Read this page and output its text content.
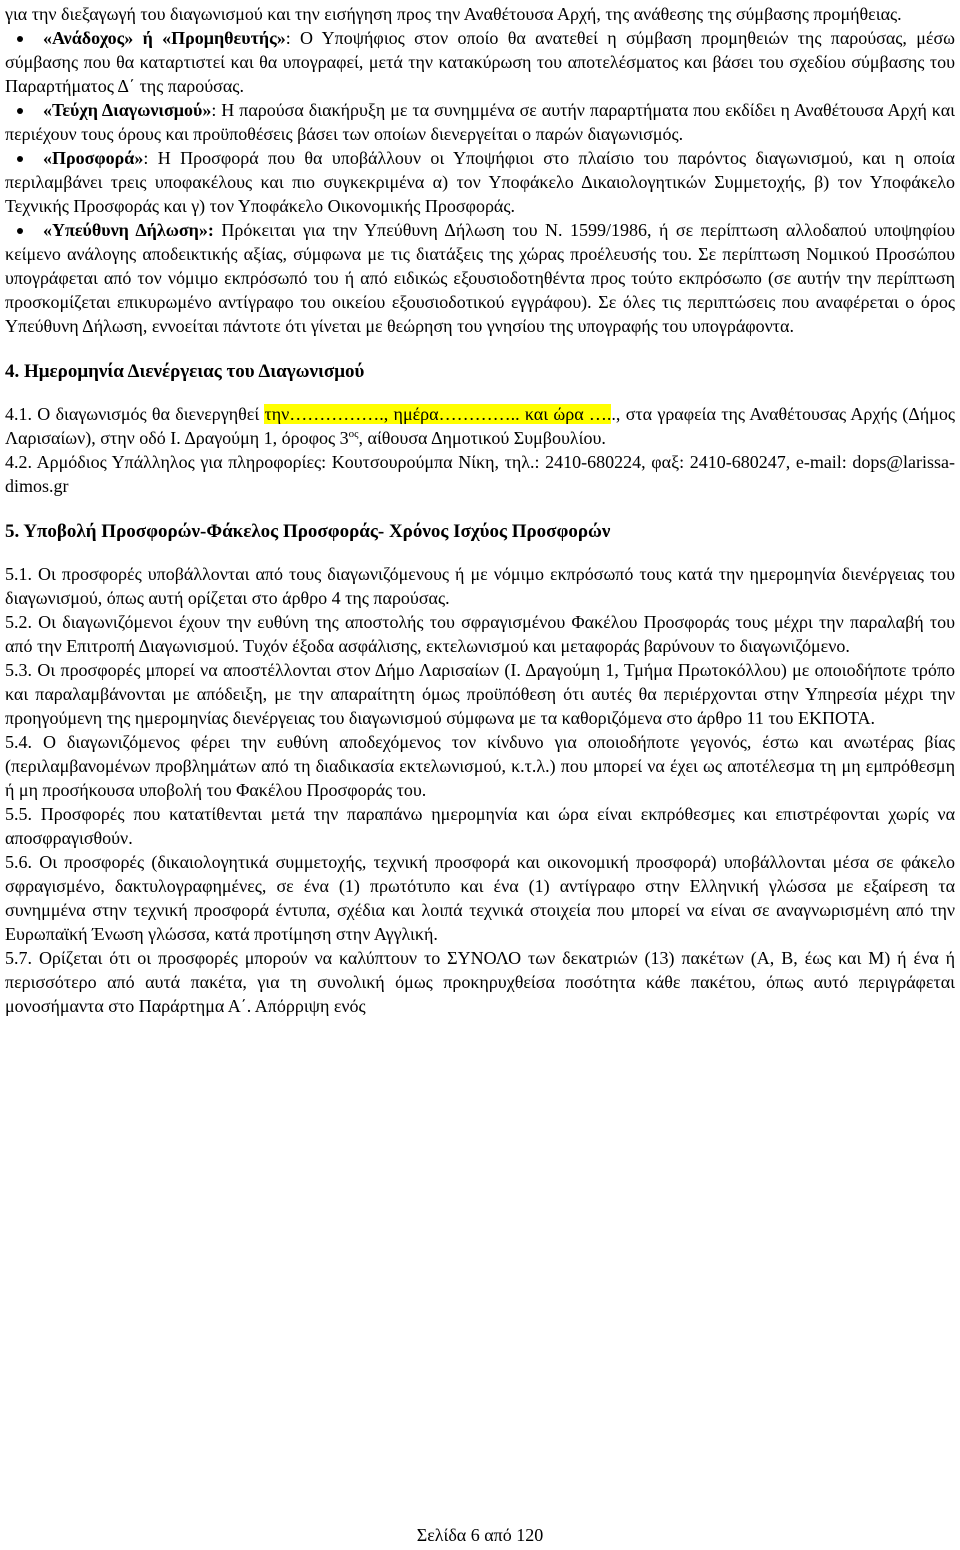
για την διεξαγωγή του διαγωνισμού και την εισήγηση προς την Αναθέτουσα Αρχή, της ανάθεσης της σύμβασης προμήθειας.

«Ανάδοχος» ή «Προμηθευτής»: Ο Υποψήφιος στον οποίο θα ανατεθεί η σύμβαση προμηθειών της παρούσας, μέσω σύμβασης που θα καταρτιστεί και θα υπογραφεί, μετά την κατακύρωση του αποτελέσματος και βάσει του σχεδίου σύμβασης του Παραρτήματος Δ΄ της παρούσας.

«Τεύχη Διαγωνισμού»: Η παρούσα διακήρυξη με τα συνημμένα σε αυτήν παραρτήματα που εκδίδει η Αναθέτουσα Αρχή και περιέχουν τους όρους και προϋποθέσεις βάσει των οποίων διενεργείται ο παρών διαγωνισμός.

«Προσφορά»: Η Προσφορά που θα υποβάλλουν οι Υποψήφιοι στο πλαίσιο του παρόντος διαγωνισμού, και η οποία περιλαμβάνει τρεις υποφακέλους και πιο συγκεκριμένα α) τον Υποφάκελο Δικαιολογητικών Συμμετοχής, β) τον Υποφάκελο Τεχνικής Προσφοράς και γ) τον Υποφάκελο Οικονομικής Προσφοράς.

«Υπεύθυνη Δήλωση»: Πρόκειται για την Υπεύθυνη Δήλωση του Ν. 1599/1986, ή σε περίπτωση αλλοδαπού υποψηφίου κείμενο ανάλογης αποδεικτικής αξίας, σύμφωνα με τις διατάξεις της χώρας προέλευσής του. Σε περίπτωση Νομικού Προσώπου υπογράφεται από τον νόμιμο εκπρόσωπό του ή από ειδικώς εξουσιοδοτηθέντα προς τούτο εκπρόσωπο (σε αυτήν την περίπτωση προσκομίζεται επικυρωμένο αντίγραφο του οικείου εξουσιοδοτικού εγγράφου). Σε όλες τις περιπτώσεις που αναφέρεται ο όρος Υπεύθυνη Δήλωση, εννοείται πάντοτε ότι γίνεται με θεώρηση του γνησίου της υπογραφής του υπογράφοντα.

4. Ημερομηνία Διενέργειας του Διαγωνισμού

4.1. Ο διαγωνισμός θα διενεργηθεί την……………., ημέρα………….. και ώρα ….., στα γραφεία της Αναθέτουσας Αρχής (Δήμος Λαρισαίων), στην οδό Ι. Δραγούμη 1, όροφος $3^{o\varsigma}$, αίθουσα Δημοτικού Συμβουλίου.

4.2. Αρμόδιος Υπάλληλος για πληροφορίες: Κουτσουρούμπα Νίκη, τηλ.: 2410-680224, φαξ: 2410-680247, e-mail: dops@larissa-dimos.gr

5. Υποβολή Προσφορών-Φάκελος Προσφοράς- Χρόνος Ισχύος Προσφορών

5.1. Οι προσφορές υποβάλλονται από τους διαγωνιζόμενους ή με νόμιμο εκπρόσωπό τους κατά την ημερομηνία διενέργειας του διαγωνισμού, όπως αυτή ορίζεται στο άρθρο 4 της παρούσας.

5.2. Οι διαγωνιζόμενοι έχουν την ευθύνη της αποστολής του σφραγισμένου Φακέλου Προσφοράς τους μέχρι την παραλαβή του από την Επιτροπή Διαγωνισμού. Τυχόν έξοδα ασφάλισης, εκτελωνισμού και μεταφοράς βαρύνουν το διαγωνιζόμενο.

5.3. Οι προσφορές μπορεί να αποστέλλονται στον Δήμο Λαρισαίων (Ι. Δραγούμη 1, Τμήμα Πρωτοκόλλου) με οποιοδήποτε τρόπο και παραλαμβάνονται με απόδειξη, με την απαραίτητη όμως προϋπόθεση ότι αυτές θα περιέρχονται στην Υπηρεσία μέχρι την προηγούμενη της ημερομηνίας διενέργειας του διαγωνισμού σύμφωνα με τα καθοριζόμενα στο άρθρο 11 του ΕΚΠΟΤΑ.

5.4. Ο διαγωνιζόμενος φέρει την ευθύνη αποδεχόμενος τον κίνδυνο για οποιοδήποτε γεγονός, έστω και ανωτέρας βίας (περιλαμβανομένων προβλημάτων από τη διαδικασία εκτελωνισμού, κ.τ.λ.) που μπορεί να έχει ως αποτέλεσμα τη μη εμπρόθεσμη ή μη προσήκουσα υποβολή του Φακέλου Προσφοράς του.

5.5. Προσφορές που κατατίθενται μετά την παραπάνω ημερομηνία και ώρα είναι εκπρόθεσμες και επιστρέφονται χωρίς να αποσφραγισθούν.

5.6. Οι προσφορές (δικαιολογητικά συμμετοχής, τεχνική προσφορά και οικονομική προσφορά) υποβάλλονται μέσα σε φάκελο σφραγισμένο, δακτυλογραφημένες, σε ένα (1) πρωτότυπο και ένα (1) αντίγραφο στην Ελληνική γλώσσα με εξαίρεση τα συνημμένα στην τεχνική προσφορά έντυπα, σχέδια και λοιπά τεχνικά στοιχεία που μπορεί να είναι σε αναγνωρισμένη από την Ευρωπαϊκή Ένωση γλώσσα, κατά προτίμηση στην Αγγλική.

5.7. Ορίζεται ότι οι προσφορές μπορούν να καλύπτουν το ΣΥΝΟΛΟ των δεκατριών (13) πακέτων (Α, Β, έως και Μ) ή ένα ή περισσότερο από αυτά πακέτα, για τη συνολική όμως προκηρυχθείσα ποσότητα κάθε πακέτου, όπως αυτό περιγράφεται μονοσήμαντα στο Παράρτημα Α΄. Απόρριψη ενός

Σελίδα 6 από 120
